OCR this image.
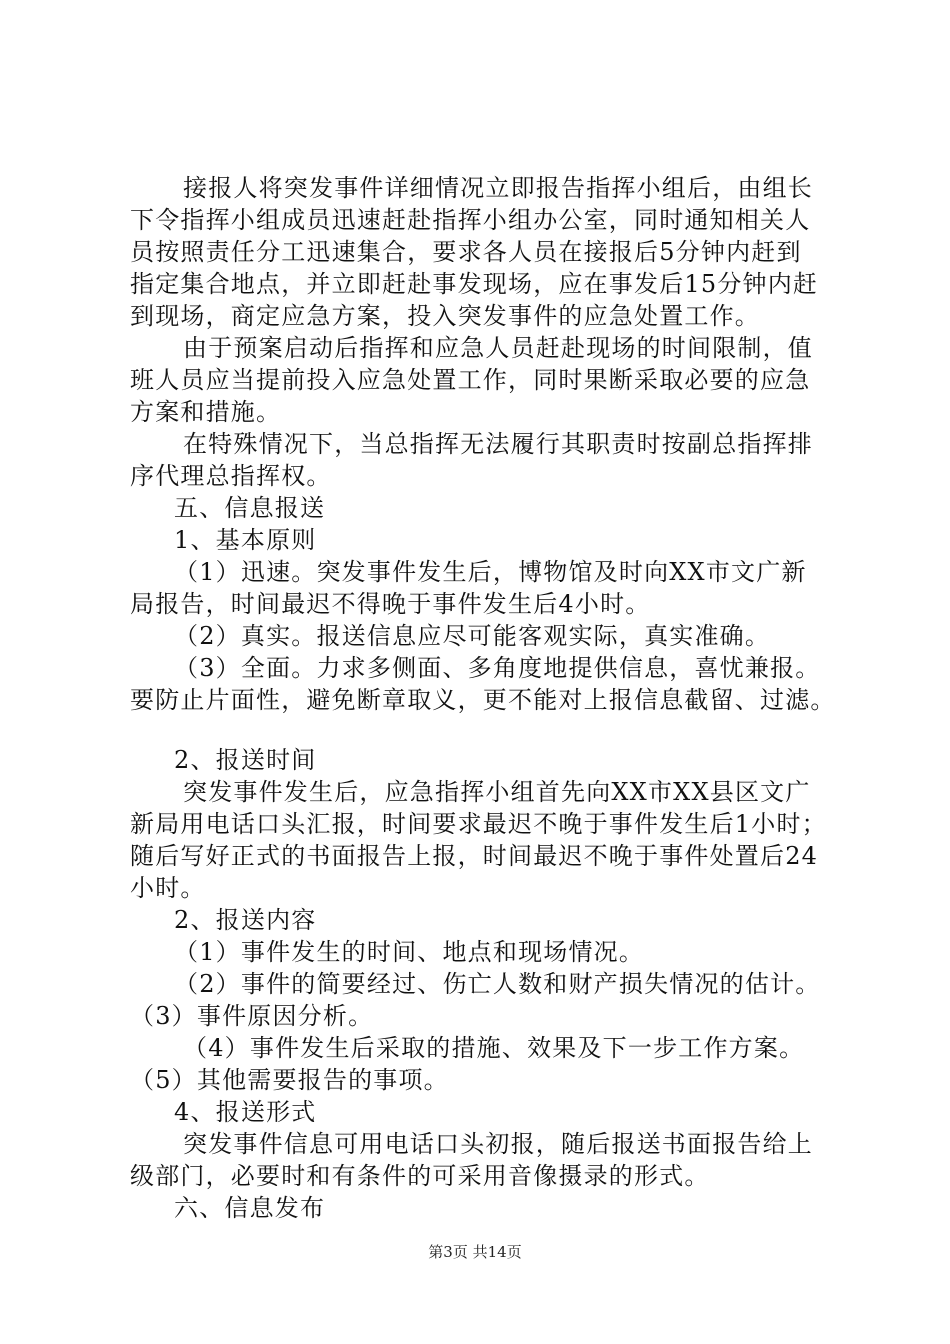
接报人将突发事件详细情况立即报告指挥小组后，由组长
下令指挥小组成员迅速赶赴指挥小组办公室，同时通知相关人
员按照责任分工迅速集合，要求各人员在接报后5分钟内赶到
指定集合地点，并立即赶赴事发现场，应在事发后15分钟内赶
到现场，商定应急方案，投入突发事件的应急处置工作。
由于预案启动后指挥和应急人员赶赴现场的时间限制，值
班人员应当提前投入应急处置工作，同时果断采取必要的应急
方案和措施。
在特殊情况下，当总指挥无法履行其职责时按副总指挥排
序代理总指挥权。
五、信息报送
1、基本原则
（1）迅速。突发事件发生后，博物馆及时向XX市文广新
局报告，时间最迟不得晚于事件发生后4小时。
（2）真实。报送信息应尽可能客观实际，真实准确。
（3）全面。力求多侧面、多角度地提供信息，喜忧兼报。
要防止片面性，避免断章取义，更不能对上报信息截留、过滤。
2、报送时间
突发事件发生后，应急指挥小组首先向XX市XX县区文广
新局用电话口头汇报，时间要求最迟不晚于事件发生后1小时；
随后写好正式的书面报告上报，时间最迟不晚于事件处置后24
小时。
2、报送内容
（1）事件发生的时间、地点和现场情况。
（2）事件的简要经过、伤亡人数和财产损失情况的估计。
（3）事件原因分析。
（4）事件发生后采取的措施、效果及下一步工作方案。
（5）其他需要报告的事项。
4、报送形式
突发事件信息可用电话口头初报，随后报送书面报告给上
级部门，必要时和有条件的可采用音像摄录的形式。
六、信息发布
第3页 共14页
